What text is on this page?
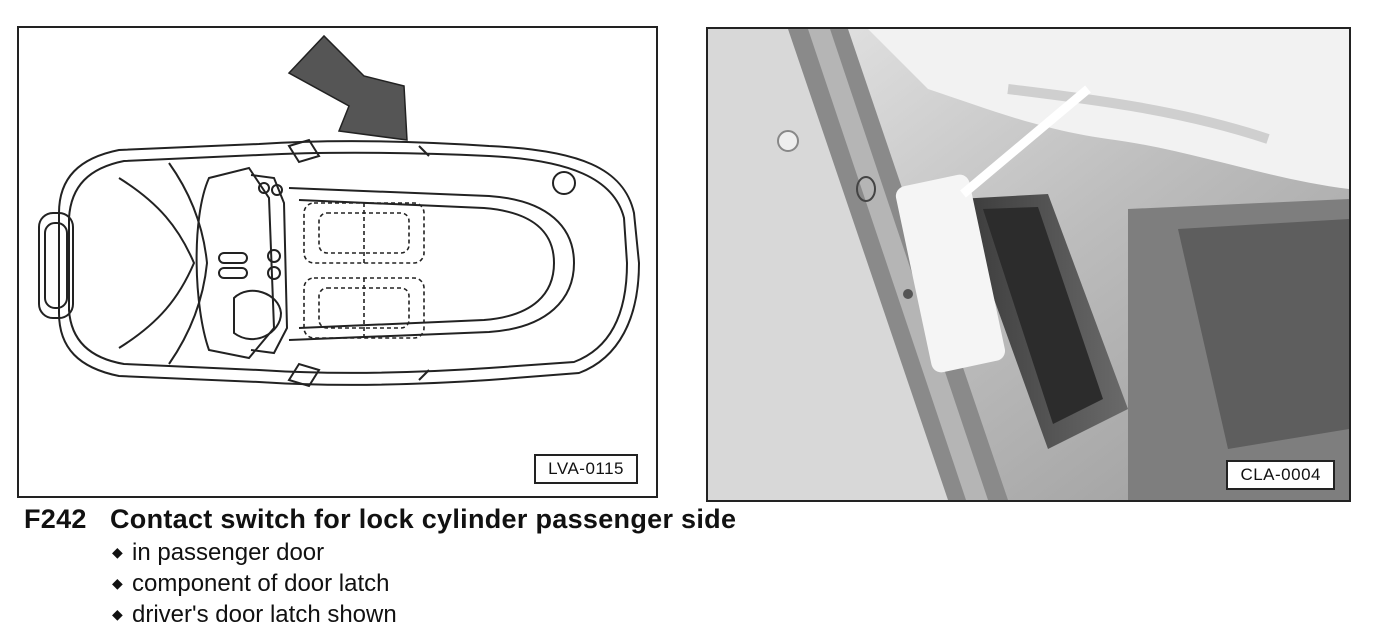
LVA-0115	CLA-0004
F242 Contact switch for lock cylinder passenger side
◆ in passenger door
◆ component of door latch
◆ driver's door latch shown
